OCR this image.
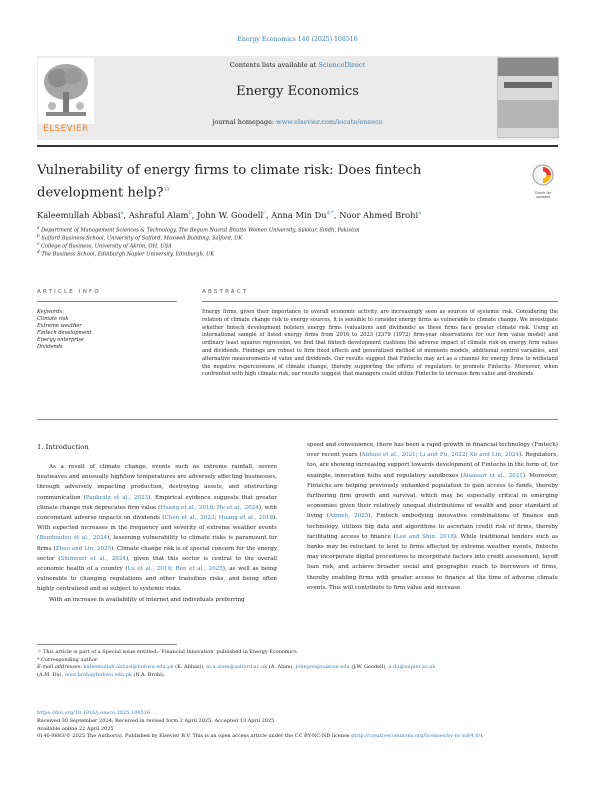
Energy Economics 146 (2025) 108516
ELSEVIER
Contents lists available at ScienceDirect
Energy Economics
journal homepage: www.elsevier.com/locate/eneeco
Vulnerability of energy firms to climate risk: Does fintech development help?☆	Check for updates
Kaleemullah Abbasi$^a$, Ashraful Alam$^b$, John W. Goodell$^c$, Anna Min $Du^{d,*}$, Noor Ahmed Brohi$^a$
$^a$ Department of Management Sciences & Technology, The Begum Nusrat Bhutto Women University, Sukkur, Sindh, Pakistan
$^b$ Salford Business School, University of Salford, Maxwell Building, Salford, UK
$^c$ College of Business, University of Akron, OH, USA
$^d$ The Business School, Edinburgh Napier University, Edinburgh, UK
ARTICLE INFO	ABSTRACT
Keywords:
Climate risk
Extreme weather
Fintech development
Energy enterprise
Dividends
Energy firms, given their importance to overall economic activity, are increasingly seen as sources of systemic risk. Considering the relation of climate change risk to energy sources, it is sensible to consider energy firms as vulnerable to climate change. We investigate whether fintech development bolsters energy firms (valuations and dividends) as these firms face greater climate risk. Using an international sample of listed energy firms from 2016 to 2023 (2379 (1972) firm-year observations for our firm value model) and ordinary least squares regression, we find that fintech development cushions the adverse impact of climate risk on energy firm values and dividends. Findings are robust to firm fixed effects and generalized method of moments models, additional control variables, and alternative measurements of value and dividends. Our results suggest that Fintechs may act as a channel for energy firms to withstand the negative repercussions of climate change, thereby supporting the efforts of regulators to promote Fintechs. Moreover, when confronted with high climate risk, our results suggest that managers could utilize Fintechs to increase firm value and dividends.
1. Introduction

As a result of climate change, events such as extreme rainfall, severe heatwaves and unusually high/low temperatures are adversely affecting businesses, through adversely impacting production, destroying assets, and obstructing communication (Pankratz et al., 2023). Empirical evidence suggests that greater climate change risk deprecates firm value (Huang et al., 2018; He et al., 2024), with concomitant adverse impacts on dividends (Chen et al., 2023; Huang et al., 2018). With expected increases in the frequency and severity of extreme weather events (Bendoudou et al., 2024), lessening vulnerability to climate risks is paramount for firms (Zhao and Lin, 2025). Climate change risk is of special concern for the energy sector (Shimouri et al., 2024), given that this sector is central to the overall economic health of a country (Lu et al., 2019; Ren et al., 2025), as well as being vulnerable to changing regulations and other transition risks, and being often highly centralized and so subject to systemic risks.

With an increase in availability of internet and individuals preferring

speed and convenience, there has been a rapid growth in financial technology (Fintech) over recent years (Abbasi et al., 2021; Li and Fu, 2022; Xu and Lin, 2024). Regulators, too, are showing increasing support towards development of Fintechs in the form of, for example, innovation hubs and regulatory sandboxes (Alaassar et al., 2021). Moreover, Fintechs are helping previously unbanked population to gain access to funds, thereby furthering firm growth and survival, which may be especially critical in emerging economies given their relatively unequal distributions of wealth and poor standard of living (Azmeh, 2025). Fintech embodying innovative combinations of finance and technology, utilizes big data and algorithms to ascertain credit risk of firms, thereby facilitating access to finance (Lee and Shin, 2018). While traditional lenders such as banks may be reluctant to lend to firms affected by extreme weather events, fintechs may incorporate digital procedures to incorporate factors into credit assessment, layoff loan risk, and achieve broader social and geographic reach to borrowers of firms, thereby enabling firms with greater access to finance at the time of adverse climate events. This will contribute to firm value and increase

☆ This article is part of a Special issue entitled: ‘Financial Innovation’ published in Energy Economics.
* Corresponding author.
E-mail addresses: kaleemullah.abbasi@bnbwu.edu.pk (K. Abbasi), m.a.alam@salford.ac.uk (A. Alam), johngoo@uakron.edu (J.W. Goodell), a.du@napier.ac.uk
(A.M. Du), noor.brohi@bnbwu.edu.pk (N.A. Brohi).
https://doi.org/10.1016/j.eneco.2025.108516
Received 30 September 2024; Received in revised form 2 April 2025; Accepted 13 April 2025
Available online 22 April 2025
0140-9883/© 2025 The Author(s). Published by Elsevier B.V. This is an open access article under the CC BY-NC-ND license (http://creativecommons.org/licenses/by-nc-nd/4.0/).
